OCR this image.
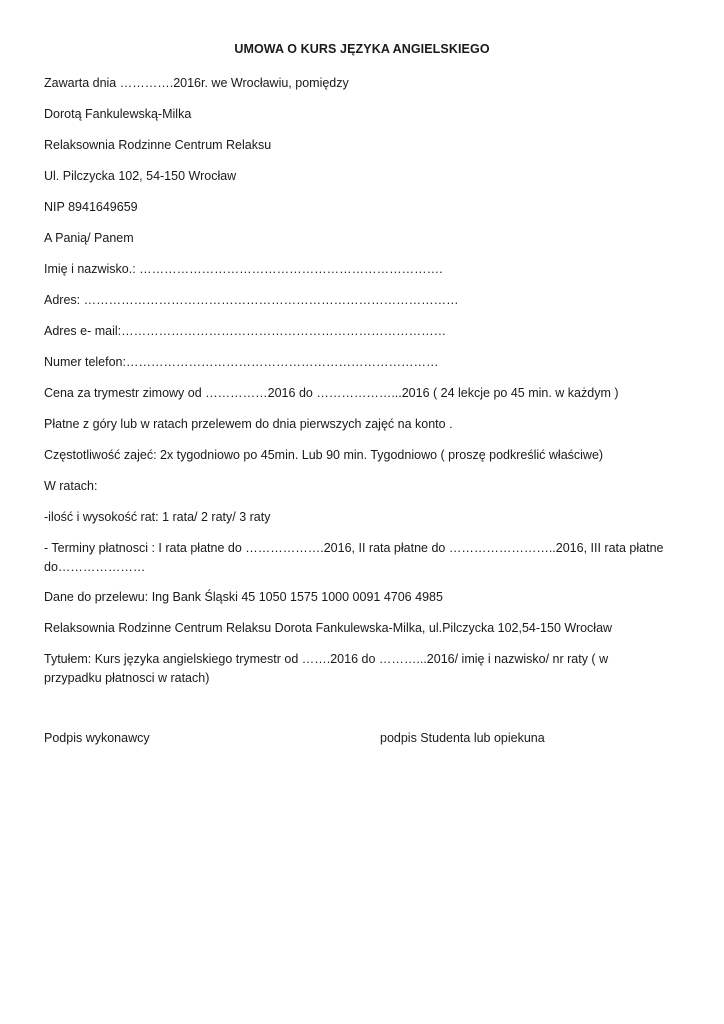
UMOWA O KURS JĘZYKA ANGIELSKIEGO
Zawarta dnia ………….2016r. we Wrocławiu, pomiędzy
Dorotą Fankulewską-Milka
Relaksownia Rodzinne Centrum Relaksu
Ul. Pilczycka 102, 54-150 Wrocław
NIP 8941649659
A Panią/ Panem
Imię i nazwisko.: ……………………………………………………………….
Adres: ………………………………………………………………………………
Adres e- mail:……………………………………………………………………
Numer telefon:…………………………………………………………………
Cena za trymestr zimowy od ……………2016 do ………………...2016 ( 24 lekcje po 45 min. w każdym )
Płatne z góry lub w ratach przelewem do dnia pierwszych zajęć na konto .
Częstotliwość zajeć: 2x tygodniowo po 45min. Lub 90 min. Tygodniowo ( proszę podkreślić właściwe)
W ratach:
-ilość i wysokość rat: 1 rata/ 2 raty/ 3 raty
- Terminy płatnosci : I rata płatne do ……………….2016, II rata płatne do ……………………..2016, III rata płatne do…………………
Dane do przelewu: Ing Bank Śląski 45 1050 1575 1000 0091 4706 4985
Relaksownia Rodzinne Centrum Relaksu Dorota Fankulewska-Milka, ul.Pilczycka 102,54-150 Wrocław
Tytułem: Kurs języka angielskiego trymestr od …….2016 do ………...2016/ imię i nazwisko/ nr raty ( w przypadku płatnosci w ratach)
Podpis wykonawcy	podpis Studenta lub opiekuna
